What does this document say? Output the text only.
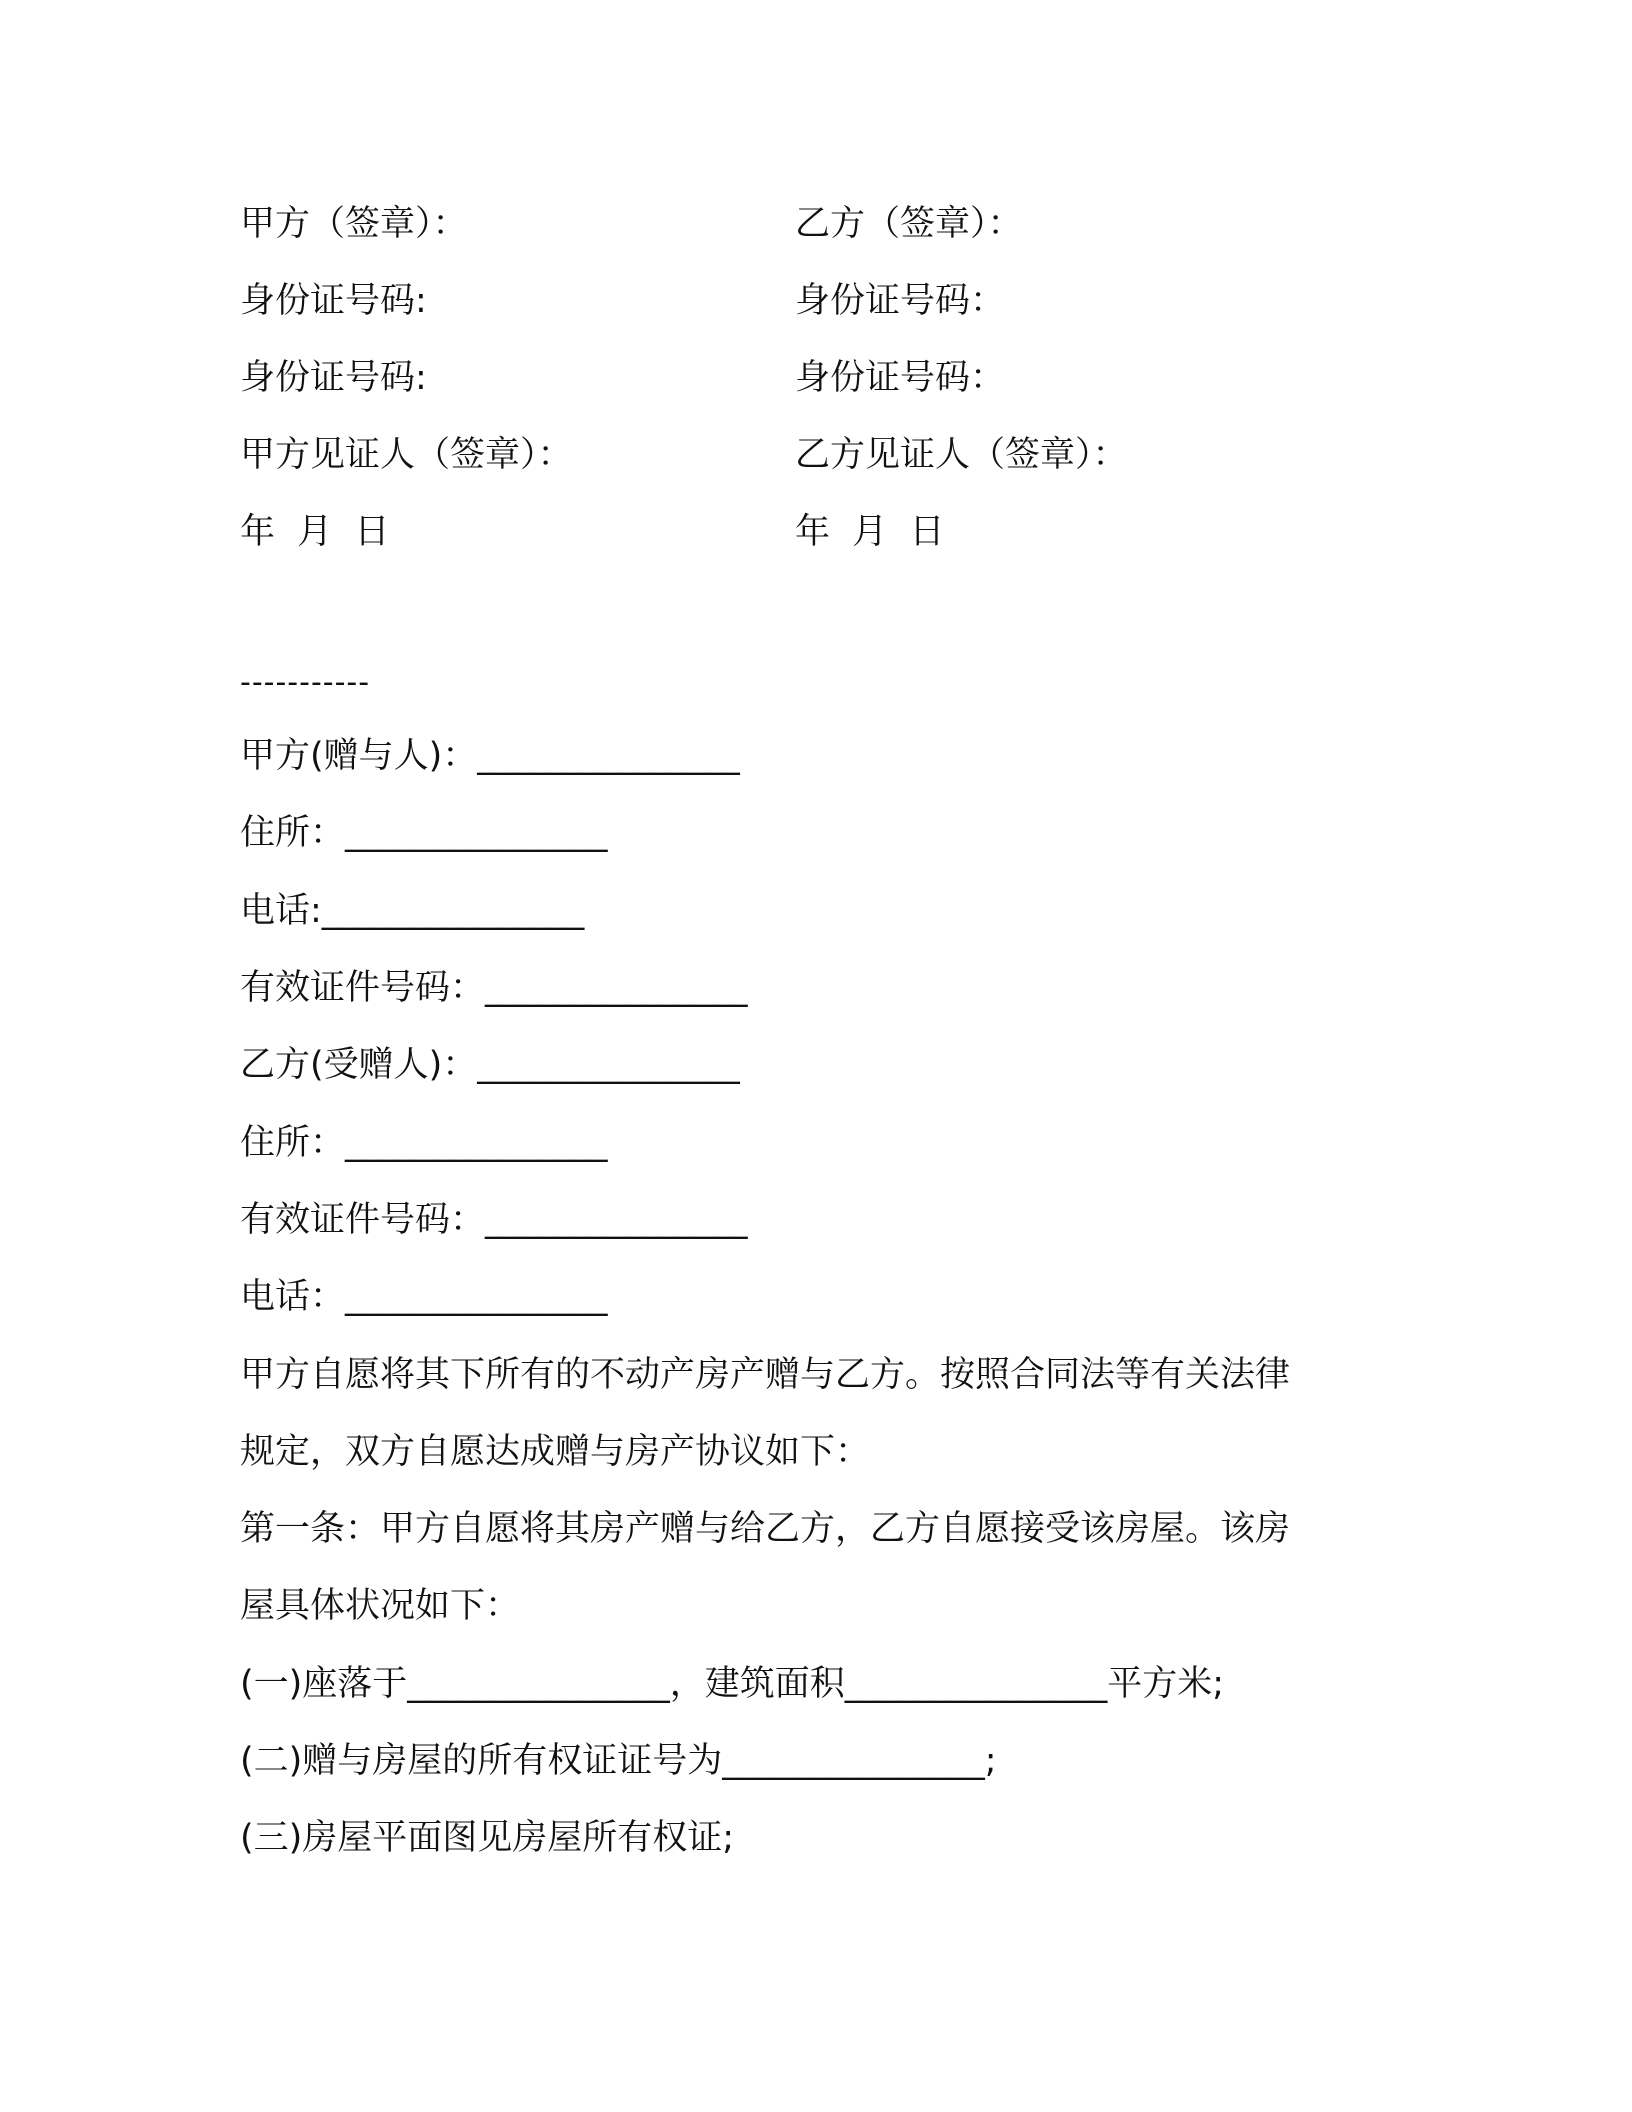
甲方（签章）：	乙方（签章）：
身份证号码:	身份证号码：
身份证号码:	身份证号码：
甲方见证人（签章）：	乙方见证人（签章）：
年  月  日	年  月  日
-----------
甲方(赠与人)：_______________
住所：_______________
电话:_______________
有效证件号码：_______________
乙方(受赠人)：_______________
住所：_______________
有效证件号码：_______________
电话：_______________
甲方自愿将其下所有的不动产房产赠与乙方。按照合同法等有关法律
规定，双方自愿达成赠与房产协议如下：
第一条：甲方自愿将其房产赠与给乙方，乙方自愿接受该房屋。该房
屋具体状况如下：
(一)座落于_______________，建筑面积_______________平方米;
(二)赠与房屋的所有权证证号为_______________;
(三)房屋平面图见房屋所有权证;
